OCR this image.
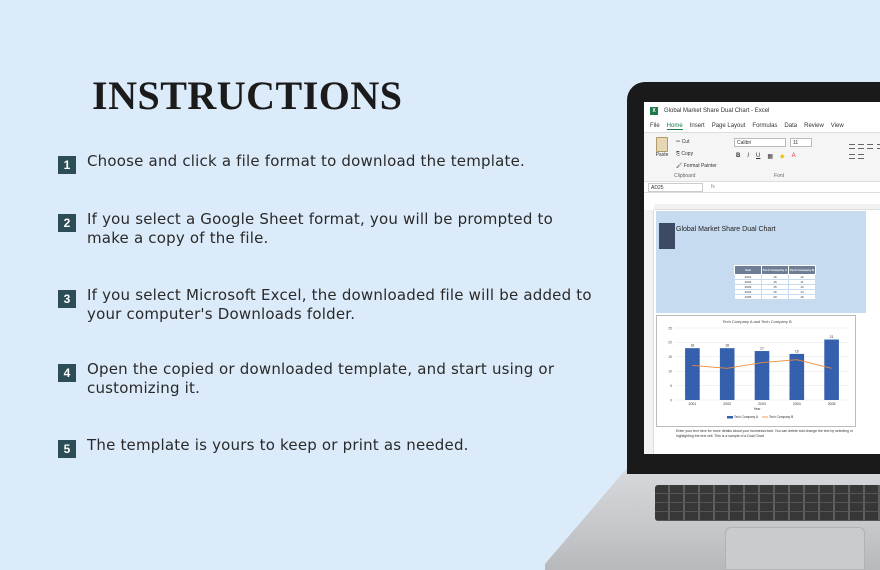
INSTRUCTIONS
1	Choose and click a file format to download the template.
2	If you select a Google Sheet format, you will be prompted to make a copy of the file.
3	If you select Microsoft Excel, the downloaded file will be added to your computer's Downloads folder.
4	Open the copied or downloaded template, and start using or customizing it.
5	The template is yours to keep or print as needed.
X	Global Market Share Dual Chart - Excel
File Home Insert Page Layout Formulas Data Review View
Paste
✂ Cut
⎘ Copy
🖌 Format Painter
Clipboard
Calibri	11
B I U ▦ ◆ A
Font

AD25	fx
Global Market Share Dual Chart
Year	Tech Company A	Tech Company B
2001	16	12
2002	16	11
2003	15	13
2004	16	14
2005	20	16
Tech Company A and Tech Company B
0
5
10
15
20
25
18
2001
18
2002
17
2003
16
2004
21
2005
Year
Tech Company A	Tech Company B
Enter your text here for more details about your business/chart. You can delete and change the text by selecting or highlighting the text cell. This is a sample of a Dual Chart
